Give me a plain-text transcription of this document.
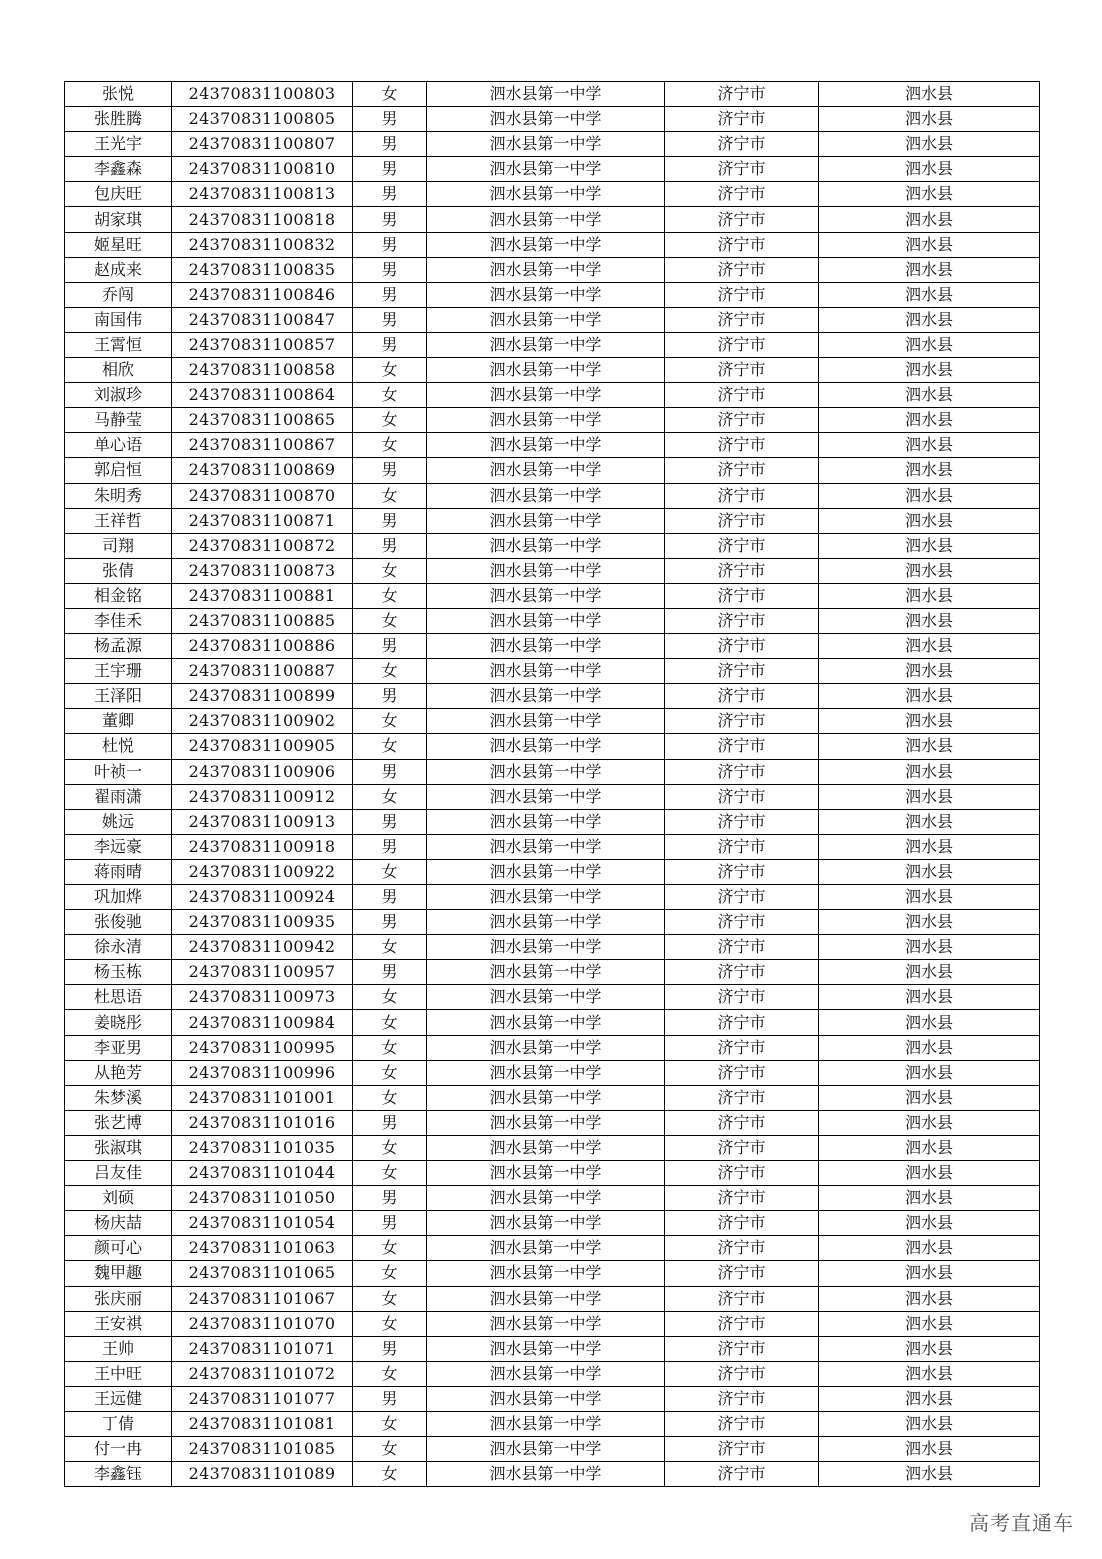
张悦	24370831100803	女	泗水县第一中学	济宁市	泗水县
张胜腾	24370831100805	男	泗水县第一中学	济宁市	泗水县
王光宇	24370831100807	男	泗水县第一中学	济宁市	泗水县
李鑫森	24370831100810	男	泗水县第一中学	济宁市	泗水县
包庆旺	24370831100813	男	泗水县第一中学	济宁市	泗水县
胡家琪	24370831100818	男	泗水县第一中学	济宁市	泗水县
姬星旺	24370831100832	男	泗水县第一中学	济宁市	泗水县
赵成来	24370831100835	男	泗水县第一中学	济宁市	泗水县
乔闯	24370831100846	男	泗水县第一中学	济宁市	泗水县
南国伟	24370831100847	男	泗水县第一中学	济宁市	泗水县
王霄恒	24370831100857	男	泗水县第一中学	济宁市	泗水县
相欣	24370831100858	女	泗水县第一中学	济宁市	泗水县
刘淑珍	24370831100864	女	泗水县第一中学	济宁市	泗水县
马静莹	24370831100865	女	泗水县第一中学	济宁市	泗水县
单心语	24370831100867	女	泗水县第一中学	济宁市	泗水县
郭启恒	24370831100869	男	泗水县第一中学	济宁市	泗水县
朱明秀	24370831100870	女	泗水县第一中学	济宁市	泗水县
王祥哲	24370831100871	男	泗水县第一中学	济宁市	泗水县
司翔	24370831100872	男	泗水县第一中学	济宁市	泗水县
张倩	24370831100873	女	泗水县第一中学	济宁市	泗水县
相金铭	24370831100881	女	泗水县第一中学	济宁市	泗水县
李佳禾	24370831100885	女	泗水县第一中学	济宁市	泗水县
杨孟源	24370831100886	男	泗水县第一中学	济宁市	泗水县
王宇珊	24370831100887	女	泗水县第一中学	济宁市	泗水县
王泽阳	24370831100899	男	泗水县第一中学	济宁市	泗水县
董卿	24370831100902	女	泗水县第一中学	济宁市	泗水县
杜悦	24370831100905	女	泗水县第一中学	济宁市	泗水县
叶祯一	24370831100906	男	泗水县第一中学	济宁市	泗水县
翟雨潇	24370831100912	女	泗水县第一中学	济宁市	泗水县
姚远	24370831100913	男	泗水县第一中学	济宁市	泗水县
李远豪	24370831100918	男	泗水县第一中学	济宁市	泗水县
蒋雨晴	24370831100922	女	泗水县第一中学	济宁市	泗水县
巩加烨	24370831100924	男	泗水县第一中学	济宁市	泗水县
张俊驰	24370831100935	男	泗水县第一中学	济宁市	泗水县
徐永清	24370831100942	女	泗水县第一中学	济宁市	泗水县
杨玉栋	24370831100957	男	泗水县第一中学	济宁市	泗水县
杜思语	24370831100973	女	泗水县第一中学	济宁市	泗水县
姜晓彤	24370831100984	女	泗水县第一中学	济宁市	泗水县
李亚男	24370831100995	女	泗水县第一中学	济宁市	泗水县
从艳芳	24370831100996	女	泗水县第一中学	济宁市	泗水县
朱梦溪	24370831101001	女	泗水县第一中学	济宁市	泗水县
张艺博	24370831101016	男	泗水县第一中学	济宁市	泗水县
张淑琪	24370831101035	女	泗水县第一中学	济宁市	泗水县
吕友佳	24370831101044	女	泗水县第一中学	济宁市	泗水县
刘硕	24370831101050	男	泗水县第一中学	济宁市	泗水县
杨庆喆	24370831101054	男	泗水县第一中学	济宁市	泗水县
颜可心	24370831101063	女	泗水县第一中学	济宁市	泗水县
魏甲趣	24370831101065	女	泗水县第一中学	济宁市	泗水县
张庆丽	24370831101067	女	泗水县第一中学	济宁市	泗水县
王安祺	24370831101070	女	泗水县第一中学	济宁市	泗水县
王帅	24370831101071	男	泗水县第一中学	济宁市	泗水县
王中旺	24370831101072	女	泗水县第一中学	济宁市	泗水县
王远健	24370831101077	男	泗水县第一中学	济宁市	泗水县
丁倩	24370831101081	女	泗水县第一中学	济宁市	泗水县
付一冉	24370831101085	女	泗水县第一中学	济宁市	泗水县
李鑫钰	24370831101089	女	泗水县第一中学	济宁市	泗水县
高考直通车
